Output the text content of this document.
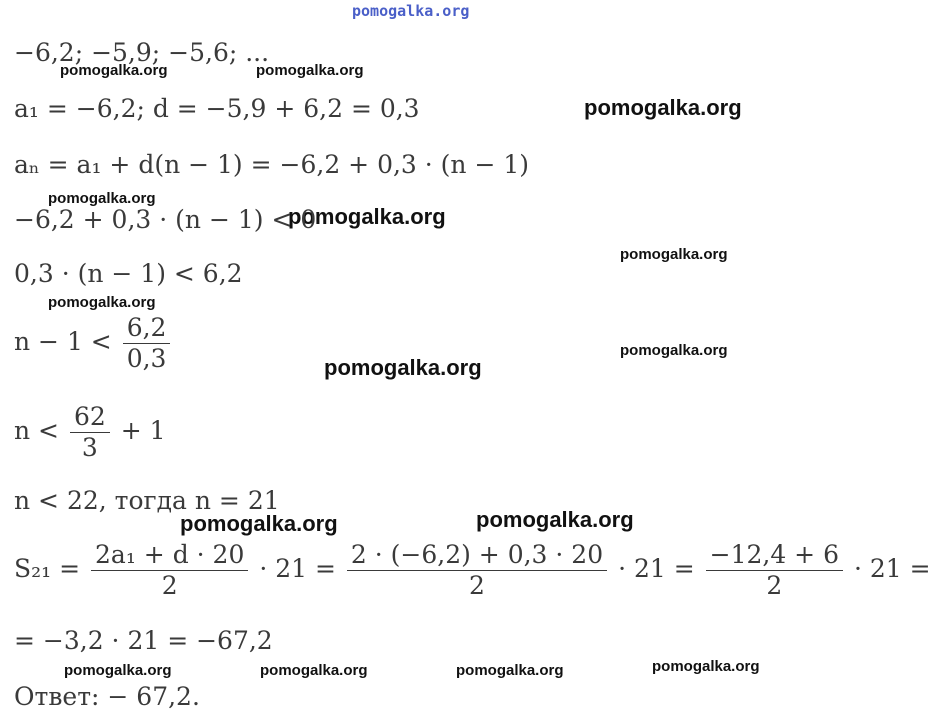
pomogalka.org
pomogalka.org	pomogalka.org
pomogalka.org
pomogalka.org
pomogalka.org
pomogalka.org
pomogalka.org
pomogalka.org
pomogalka.org
pomogalka.org	pomogalka.org
pomogalka.org	pomogalka.org	pomogalka.org	pomogalka.org
−6,2; −5,9; −5,6; ...
a₁ = −6,2; d = −5,9 + 6,2 = 0,3
aₙ = a₁ + d(n − 1) = −6,2 + 0,3 · (n − 1)
−6,2 + 0,3 · (n − 1) < 0
0,3 · (n − 1) < 6,2
$n - 1 < \frac{6,2}{0,3}$
$n < \frac{62}{3} + 1$
n < 22, тогда n = 21
$S_{21} = \frac{\text{2a₁ + d · 20}}{2} \cdot 21 = \frac{2 \cdot (-6,2) + 0,3 \cdot 20}{2} \cdot 21 = \frac{-12,4 + 6}{2} \cdot 21$ =
= −3,2 · 21 = −67,2
Ответ: − 67,2.
